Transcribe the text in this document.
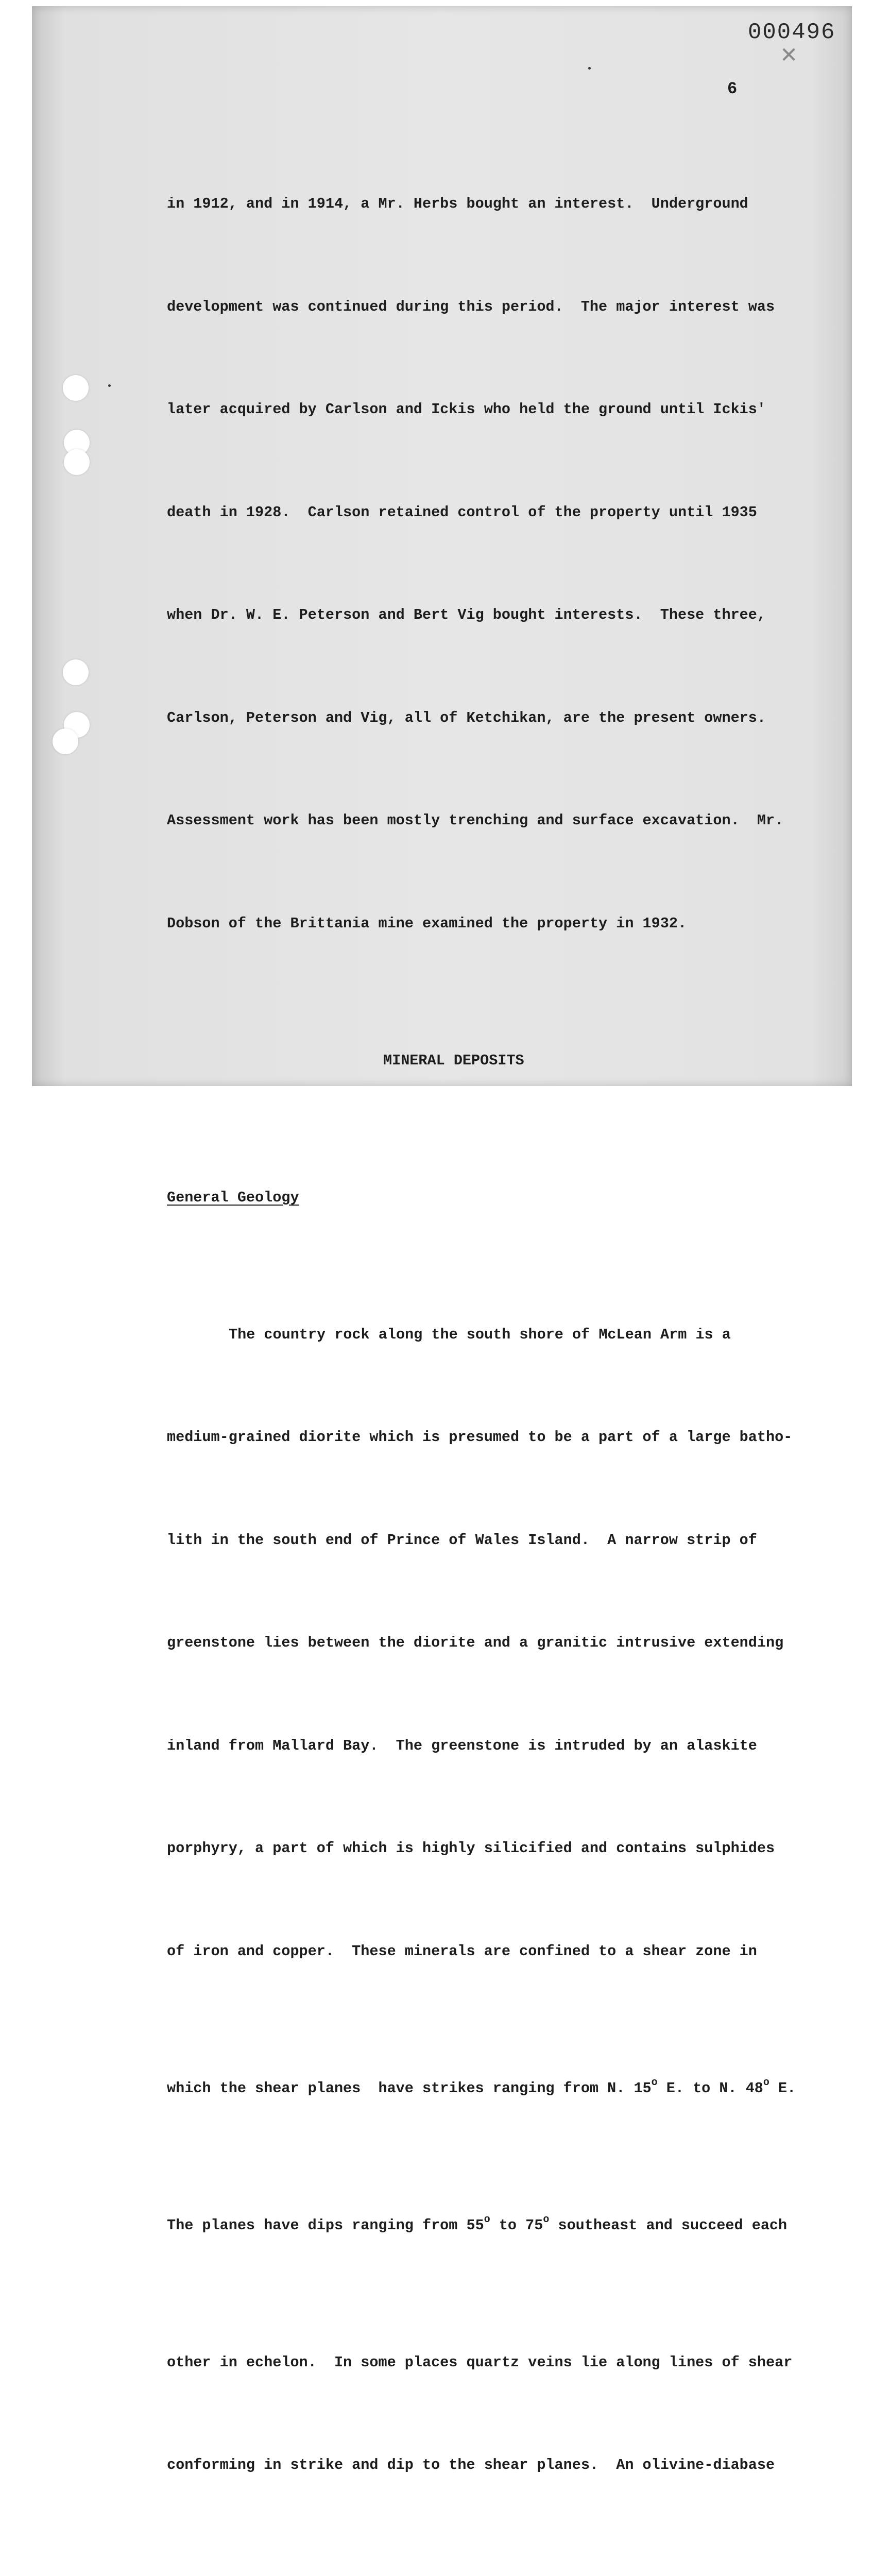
000496
✕
6

in 1912, and in 1914, a Mr. Herbs bought an interest.  Underground

development was continued during this period.  The major interest was

later acquired by Carlson and Ickis who held the ground until Ickis'

death in 1928.  Carlson retained control of the property until 1935

when Dr. W. E. Peterson and Bert Vig bought interests.  These three,

Carlson, Peterson and Vig, all of Ketchikan, are the present owners.

Assessment work has been mostly trenching and surface excavation.  Mr.

Dobson of the Brittania mine examined the property in 1932.

MINERAL DEPOSITS

General Geology

The country rock along the south shore of McLean Arm is a

medium-grained diorite which is presumed to be a part of a large batho-

lith in the south end of Prince of Wales Island.  A narrow strip of

greenstone lies between the diorite and a granitic intrusive extending

inland from Mallard Bay.  The greenstone is intruded by an alaskite

porphyry, a part of which is highly silicified and contains sulphides

of iron and copper.  These minerals are confined to a shear zone in

which the shear planes  have strikes ranging from N. 15$^o$ E. to N. 48$^o$ E.

The planes have dips ranging from 55$^o$ to 75$^o$ southeast and succeed each

other in echelon.  In some places quartz veins lie along lines of shear

conforming in strike and dip to the shear planes.  An olivine-diabase
